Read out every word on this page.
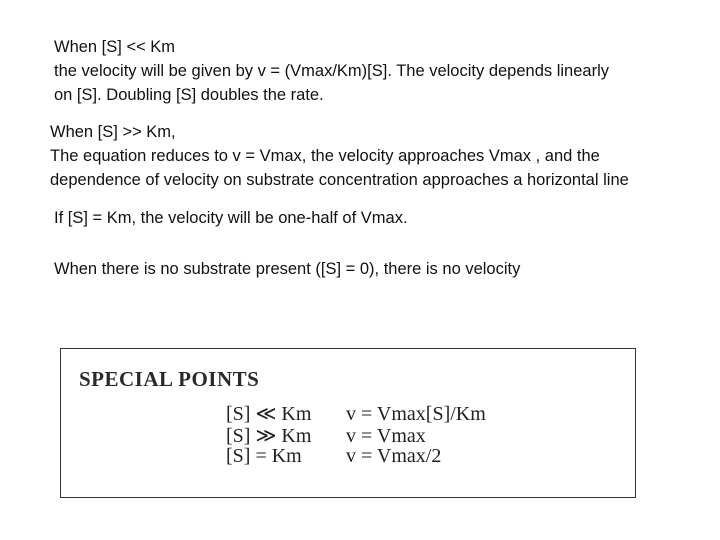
When [S] << Km
the velocity will be given by v = (Vmax/Km)[S]. The velocity depends linearly
on [S]. Doubling [S] doubles the rate.

When [S] >> Km,
The equation reduces to v = Vmax, the velocity approaches Vmax , and the
dependence of velocity on substrate concentration approaches a horizontal line

If [S] = Km, the velocity will be one-half of Vmax.

When there is no substrate present ([S] = 0), there is no velocity

SPECIAL POINTS
[S] ≪ Km v = Vmax[S]/Km
[S] ≫ Km v = Vmax
[S] = Km v = Vmax/2
